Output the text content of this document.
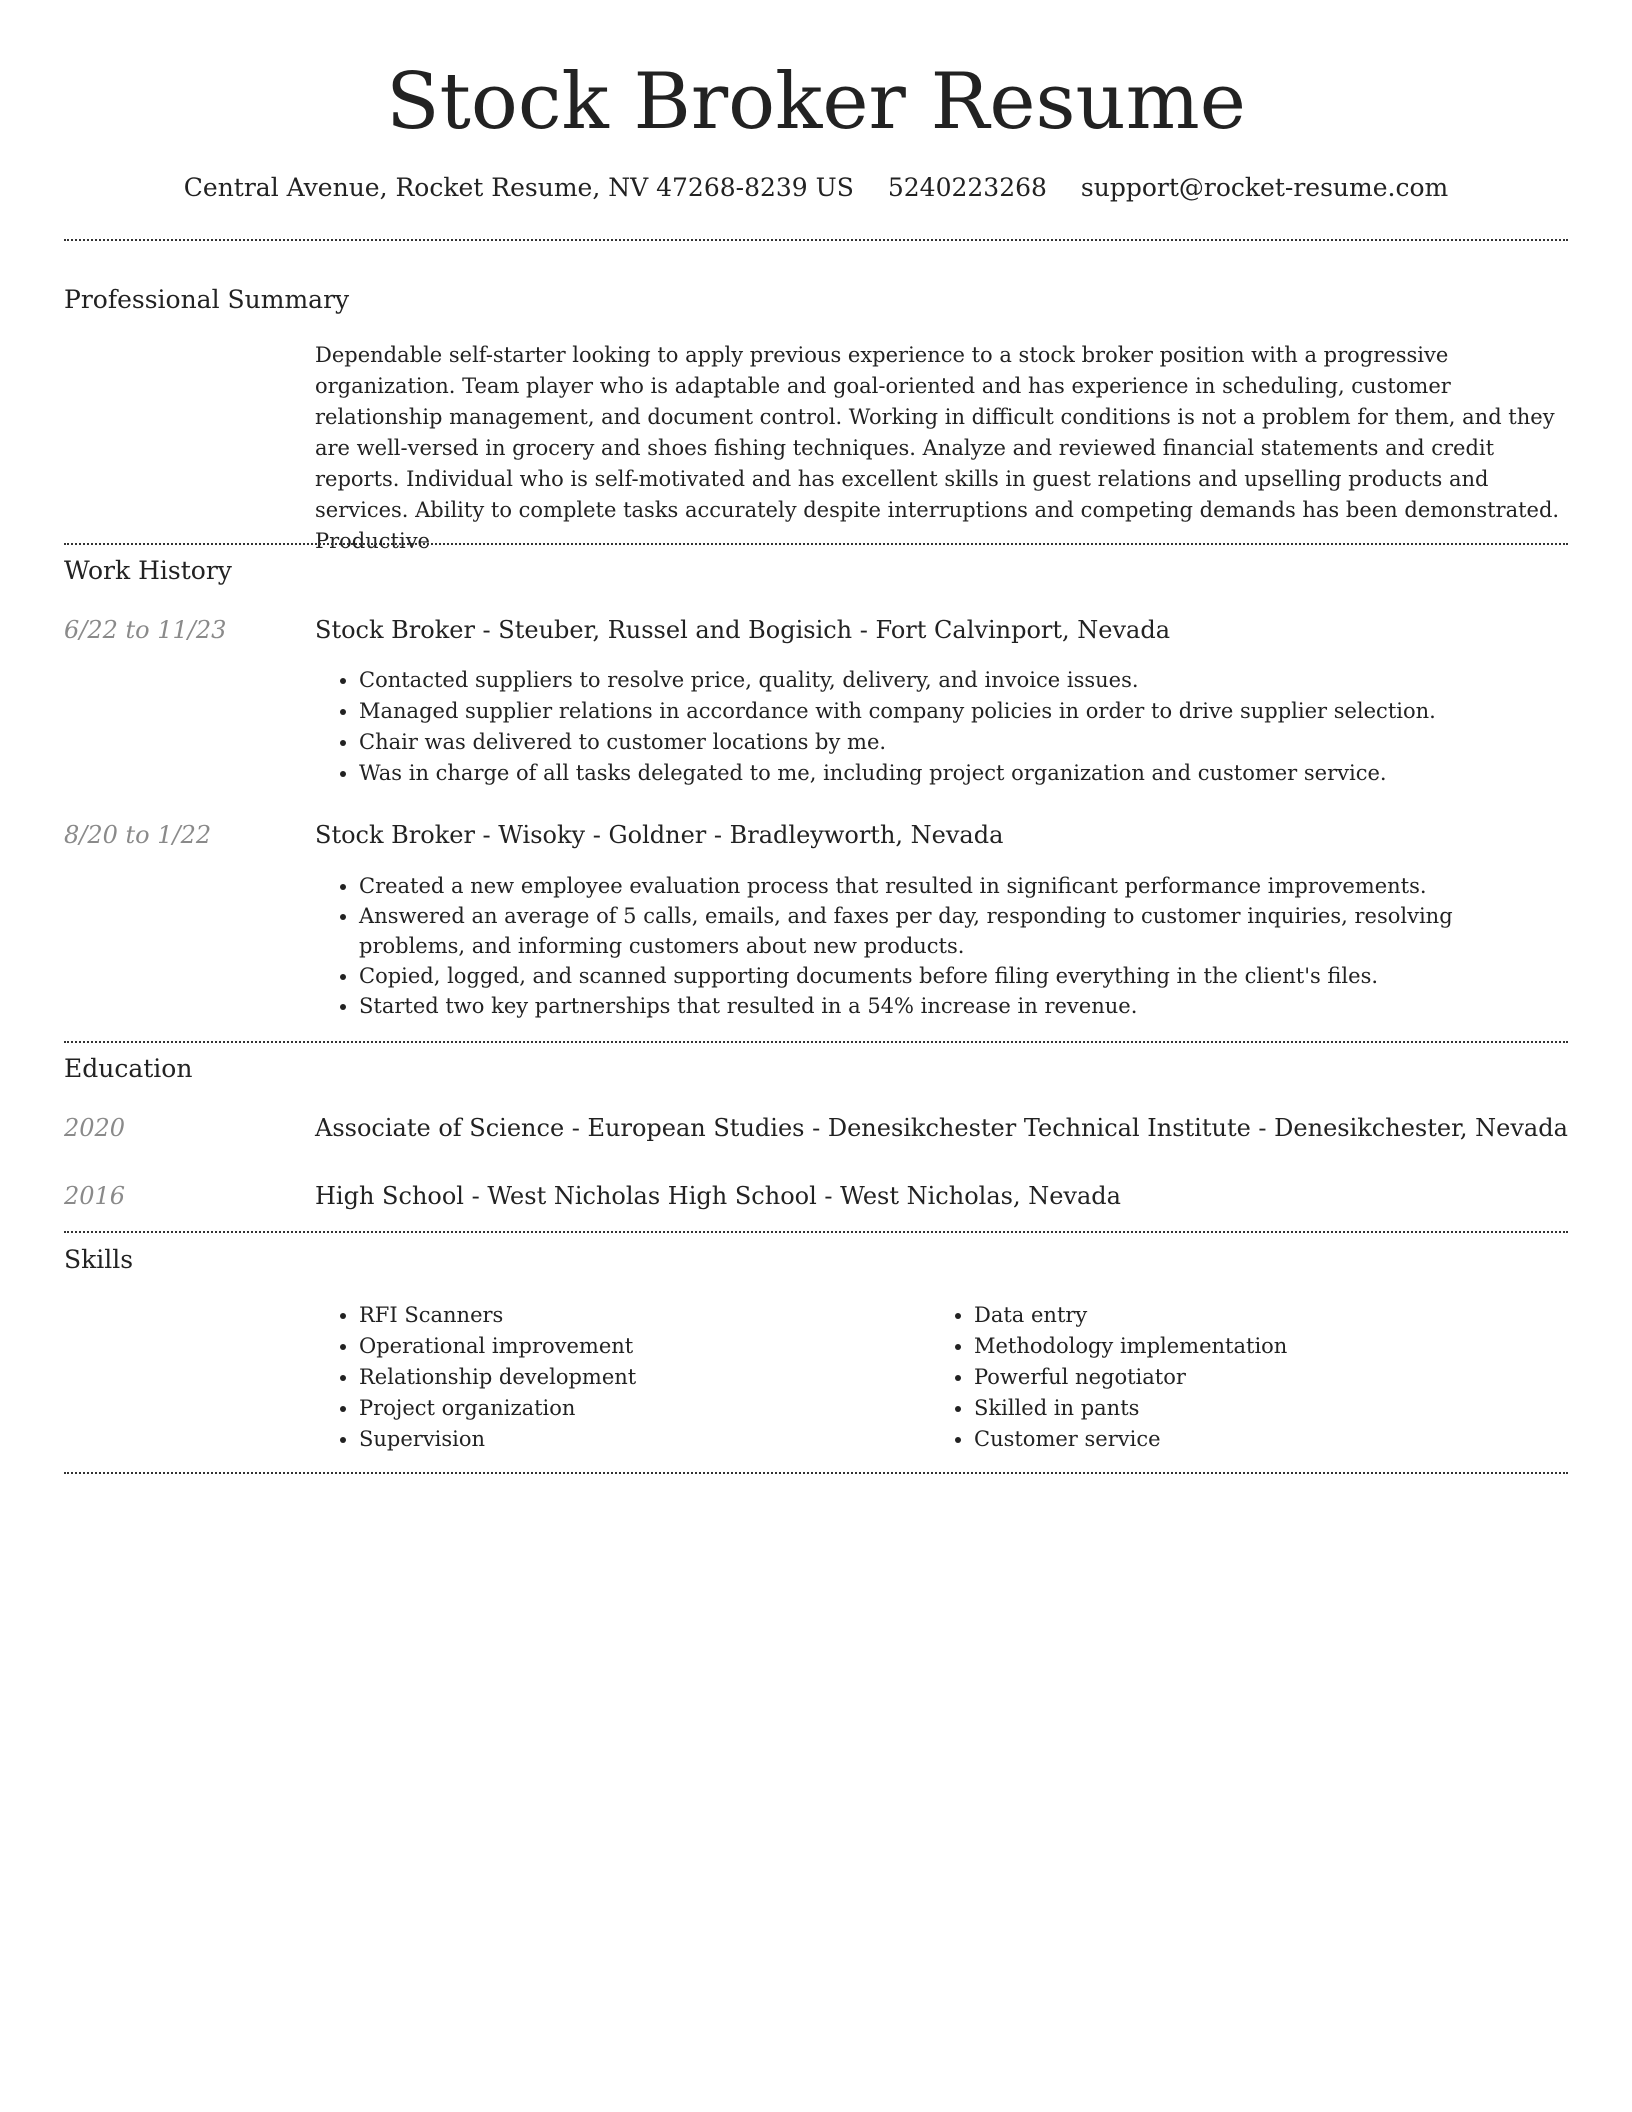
Stock Broker Resume
Central Avenue, Rocket Resume, NV 47268-8239 US 5240223268 support@rocket-resume.com
Professional Summary

Dependable self-starter looking to apply previous experience to a stock broker position with a progressive organization. Team player who is adaptable and goal-oriented and has experience in scheduling, customer relationship management, and document control. Working in difficult conditions is not a problem for them, and they are well-versed in grocery and shoes fishing techniques. Analyze and reviewed financial statements and credit reports. Individual who is self-motivated and has excellent skills in guest relations and upselling products and services. Ability to complete tasks accurately despite interruptions and competing demands has been demonstrated. Productive

Work History
6/22 to 11/23	Stock Broker - Steuber, Russel and Bogisich - Fort Calvinport, Nevada
• Contacted suppliers to resolve price, quality, delivery, and invoice issues.
• Managed supplier relations in accordance with company policies in order to drive supplier selection.
• Chair was delivered to customer locations by me.
• Was in charge of all tasks delegated to me, including project organization and customer service.
8/20 to 1/22	Stock Broker - Wisoky - Goldner - Bradleyworth, Nevada
• Created a new employee evaluation process that resulted in significant performance improvements.
• Answered an average of 5 calls, emails, and faxes per day, responding to customer inquiries, resolving problems, and informing customers about new products.
• Copied, logged, and scanned supporting documents before filing everything in the client's files.
• Started two key partnerships that resulted in a 54% increase in revenue.
Education
2020	Associate of Science - European Studies - Denesikchester Technical Institute - Denesikchester, Nevada
2016	High School - West Nicholas High School - West Nicholas, Nevada
Skills
• RFI Scanners
• Operational improvement
• Relationship development
• Project organization
• Supervision
• Data entry
• Methodology implementation
• Powerful negotiator
• Skilled in pants
• Customer service
